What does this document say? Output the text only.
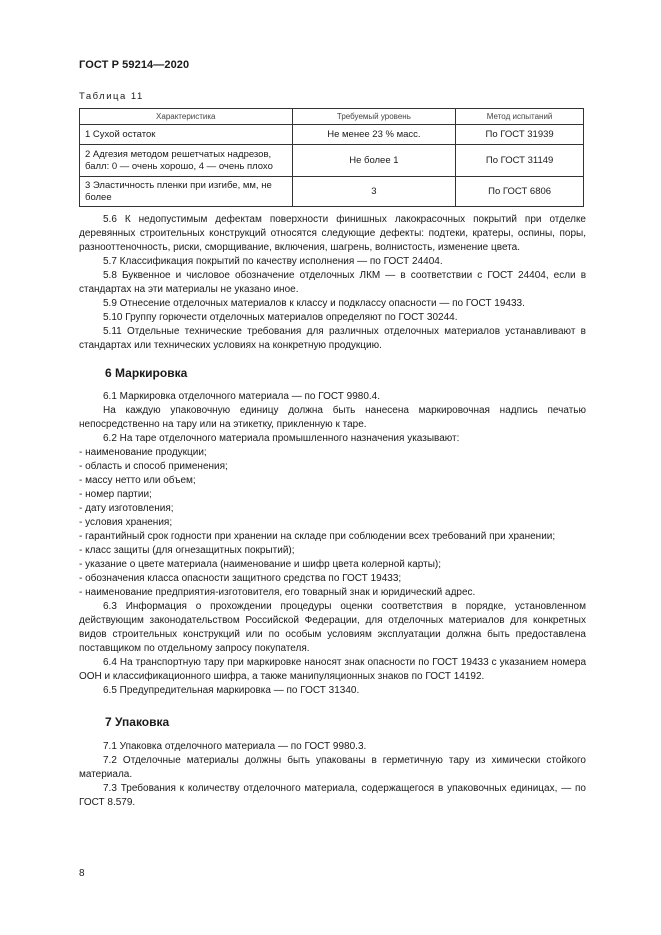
ГОСТ Р 59214—2020
Таблица 11
Характеристика	Требуемый уровень	Метод испытаний
1 Сухой остаток	Не менее 23 % масс.	По ГОСТ 31939
2 Адгезия методом решетчатых надрезов, балл: 0 — очень хорошо, 4 — очень плохо	Не более 1	По ГОСТ 31149
3 Эластичность пленки при изгибе, мм, не более	3	По ГОСТ 6806

5.6 К недопустимым дефектам поверхности финишных лакокрасочных покрытий при отделке деревянных строительных конструкций относятся следующие дефекты: подтеки, кратеры, оспины, поры, разнооттеночность, риски, сморщивание, включения, шагрень, волнистость, изменение цвета.

5.7 Классификация покрытий по качеству исполнения — по ГОСТ 24404.

5.8 Буквенное и числовое обозначение отделочных ЛКМ — в соответствии с ГОСТ 24404, если в стандартах на эти материалы не указано иное.

5.9 Отнесение отделочных материалов к классу и подклассу опасности — по ГОСТ 19433.

5.10 Группу горючести отделочных материалов определяют по ГОСТ 30244.

5.11 Отдельные технические требования для различных отделочных материалов устанавливают в стандартах или технических условиях на конкретную продукцию.

6 Маркировка

6.1 Маркировка отделочного материала — по ГОСТ 9980.4.

На каждую упаковочную единицу должна быть нанесена маркировочная надпись печатью непосредственно на тару или на этикетку, прикленную к таре.

6.2 На таре отделочного материала промышленного назначения указывают:

- наименование продукции;

- область и способ применения;

- массу нетто или объем;

- номер партии;

- дату изготовления;

- условия хранения;

- гарантийный срок годности при хранении на складе при соблюдении всех требований при хранении;

- класс защиты (для огнезащитных покрытий);

- указание о цвете материала (наименование и шифр цвета колерной карты);

- обозначения класса опасности защитного средства по ГОСТ 19433;

- наименование предприятия-изготовителя, его товарный знак и юридический адрес.

6.3 Информация о прохождении процедуры оценки соответствия в порядке, установленном действующим законодательством Российской Федерации, для отделочных материалов для конкретных видов строительных конструкций или по особым условиям эксплуатации должна быть предоставлена поставщиком по отдельному запросу покупателя.

6.4 На транспортную тару при маркировке наносят знак опасности по ГОСТ 19433 с указанием номера ООН и классификационного шифра, а также манипуляционных знаков по ГОСТ 14192.

6.5 Предупредительная маркировка — по ГОСТ 31340.

7 Упаковка

7.1 Упаковка отделочного материала — по ГОСТ 9980.3.

7.2 Отделочные материалы должны быть упакованы в герметичную тару из химически стойкого материала.

7.3 Требования к количеству отделочного материала, содержащегося в упаковочных единицах, — по ГОСТ 8.579.

8
